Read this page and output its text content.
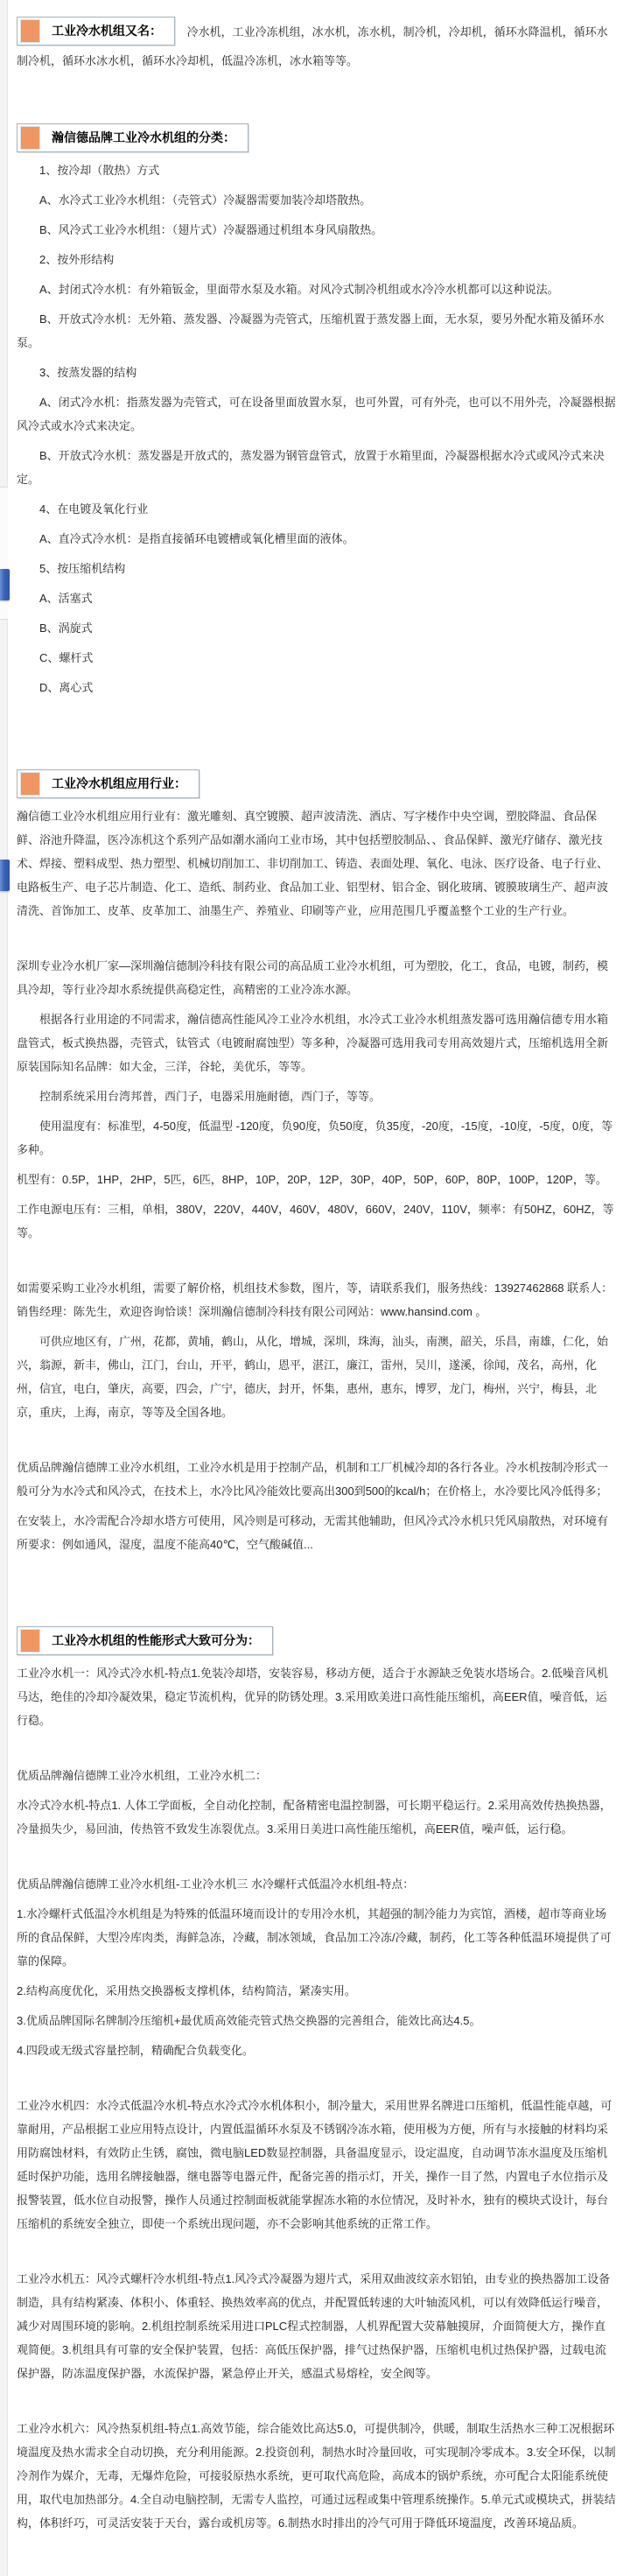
工业冷水机组又名： 冷水机，工业冷冻机组，冰水机，冻水机，制冷机，冷却机，循环水降温机，循环水制冷机，循环水冰水机，循环水冷却机，低温冷冻机，冰水箱等等。

瀚信德品牌工业冷水机组的分类：

1、按冷却（散热）方式

A、水冷式工业冷水机组：（壳管式）冷凝器需要加装冷却塔散热。

B、风冷式工业冷水机组：（翅片式）冷凝器通过机组本身风扇散热。

2、按外形结构

A、封闭式冷水机：有外箱钣金，里面带水泵及水箱。对风冷式制冷机组或水冷冷水机都可以这种说法。

B、开放式冷水机：无外箱、蒸发器、冷凝器为壳管式，压缩机置于蒸发器上面，无水泵，要另外配水箱及循环水泵。

3、按蒸发器的结构

A、闭式冷水机：指蒸发器为壳管式，可在设备里面放置水泵，也可外置，可有外壳，也可以不用外壳，冷凝器根据风冷式或水冷式来决定。

B、开放式冷水机：蒸发器是开放式的，蒸发器为钢管盘管式，放置于水箱里面，冷凝器根据水冷式或风冷式来决定。

4、在电镀及氧化行业

A、直冷式冷水机：是指直接循环电镀槽或氧化槽里面的液体。

5、按压缩机结构

A、活塞式

B、涡旋式

C、螺杆式

D、离心式

工业冷水机组应用行业：

瀚信德工业冷水机组应用行业有：激光雕刻、真空镀膜、超声波清洗、酒店、写字楼作中央空调，塑胶降温、食品保鲜、浴池升降温，医冷冻机这个系列产品如潮水涌向工业市场，其中包括塑胶制品、、食品保鲜、激光疗储存、激光技术、焊接、塑料成型、热力塑型、机械切削加工、非切削加工、铸造、表面处理、氧化、电泳、医疗设备、电子行业、电路板生产、电子芯片制造、化工、造纸、制药业、食品加工业、铝型材、铝合金、钢化玻璃、镀膜玻璃生产、超声波清洗、首饰加工、皮革、皮革加工、油墨生产、养殖业、印刷等产业，应用范围几乎覆盖整个工业的生产行业。

深圳专业冷水机厂家—深圳瀚信德制冷科技有限公司的高品质工业冷水机组，可为塑胶，化工，食品，电镀，制药，模具冷却，等行业冷却水系统提供高稳定性，高精密的工业冷冻水源。

根据各行业用途的不同需求，瀚信德高性能风冷工业冷水机组，水冷式工业冷水机组蒸发器可选用瀚信德专用水箱盘管式，板式换热器，壳管式，钛管式（电镀耐腐蚀型）等多种，冷凝器可选用我司专用高效翅片式，压缩机选用全新原装国际知名品牌：如大金，三洋，谷轮，美优乐，等等。

控制系统采用台湾邦普，西门子，电器采用施耐德，西门子，等等。

使用温度有：标准型，4-50度，低温型 -120度，负90度，负50度，负35度，-20度，-15度，-10度，-5度，0度，等多种。

机型有：0.5P，1HP，2HP，5匹，6匹，8HP，10P，20P，12P，30P，40P，50P，60P，80P，100P，120P，等。

工作电源电压有：三相，单相，380V，220V，440V，460V，480V，660V，240V，110V，频率：有50HZ，60HZ，等等。

如需要采购工业冷水机组，需要了解价格，机组技术参数，图片，等，请联系我们，服务热线：13927462868 联系人：销售经理：陈先生，欢迎咨询恰谈！深圳瀚信德制冷科技有限公司网站：www.hansind.com 。

可供应地区有，广州，花都，黄埔，鹤山，从化，增城，深圳，珠海，汕头，南澳，韶关，乐昌，南雄，仁化，始兴，翁源，新丰，佛山，江门，台山，开平，鹤山，恩平，湛江，廉江，雷州，吴川，遂溪，徐闻，茂名，高州，化州，信宜，电白，肇庆，高要，四会，广宁，德庆，封开，怀集，惠州，惠东，博罗，龙门，梅州，兴宁，梅县，北京，重庆，上海，南京，等等及全国各地。

优质品牌瀚信德牌工业冷水机组，工业冷水机是用于控制产品，机制和工厂机械冷却的各行各业。冷水机按制冷形式一般可分为水冷式和风冷式，在技术上，水冷比风冷能效比要高出300到500的kcal/h；在价格上，水冷要比风冷低得多；

在安装上，水冷需配合冷却水塔方可使用，风冷则是可移动，无需其他辅助，但风冷式冷水机只凭风扇散热，对环境有所要求：例如通风，湿度，温度不能高40℃，空气酸碱值...

工业冷水机组的性能形式大致可分为：

工业冷水机一：风冷式冷水机-特点1.免装冷却塔，安装容易，移动方便，适合于水源缺乏免装水塔场合。2.低噪音风机马达，绝佳的冷却冷凝效果，稳定节流机构，优异的防锈处理。3.采用欧美进口高性能压缩机，高EER值，噪音低，运行稳。

优质品牌瀚信德牌工业冷水机组，工业冷水机二：

水冷式冷水机-特点1. 人体工学面板，全自动化控制，配备精密电温控制器，可长期平稳运行。2.采用高效传热换热器，冷量损失少，易回油，传热管不致发生冻裂优点。3.采用日美进口高性能压缩机，高EER值，噪声低，运行稳。

优质品牌瀚信德牌工业冷水机组-工业冷水机三 水冷螺杆式低温冷水机组-特点：

1.水冷螺杆式低温冷水机组是为特殊的低温环境而设计的专用冷水机，其超强的制冷能力为宾馆，酒楼，超市等商业场所的食品保鲜，大型冷库肉类，海鲜急冻，冷藏，制冰领域，食品加工冷冻/冷藏，制药，化工等各种低温环境提供了可靠的保障。

2.结构高度优化，采用热交换器板支撑机体，结构简洁，紧凑实用。

3.优质品牌国际名牌制冷压缩机+最优质高效能壳管式热交换器的完善组合，能效比高达4.5。

4.四段或无级式容量控制，精确配合负载变化。

工业冷水机四：水冷式低温冷水机-特点水冷式冷水机体积小，制冷量大，采用世界名牌进口压缩机，低温性能卓越，可靠耐用，产品根据工业应用特点设计，内置低温循环水泵及不锈钢冷冻水箱，使用极为方便，所有与水接触的材料均采用防腐蚀材料，有效防止生锈，腐蚀，微电脑LED数显控制器，具备温度显示，设定温度，自动调节冻水温度及压缩机延时保护功能，选用名牌接触器，继电器等电器元件，配备完善的指示灯，开关，操作一目了然，内置电子水位指示及报警装置，低水位自动报警，操作人员通过控制面板就能掌握冻水箱的水位情况，及时补水，独有的模块式设计，每台压缩机的系统安全独立，即使一个系统出现问题，亦不会影响其他系统的正常工作。

工业冷水机五：风冷式螺杆冷水机组-特点1.风冷式冷凝器为翅片式，采用双曲波纹亲水铝铂，由专业的换热器加工设备制造，具有结构紧凑、体积小、体重轻、换热效率高的优点，并配置低转速的大叶轴流风机，可以有效降低运行噪音，减少对周围环境的影响。2.机组控制系统采用进口PLC程式控制器，人机界配置大荧幕触摸屏，介面简便大方，操作直观简便。3.机组具有可靠的安全保护装置，包括：高低压保护器，排气过热保护器，压缩机电机过热保护器，过载电流保护器，防冻温度保护器，水流保护器，紧急停止开关，感温式易熔栓，安全阀等。

工业冷水机六：风冷热泵机组-特点1.高效节能，综合能效比高达5.0，可提供制冷，供暖，制取生活热水三种工况根据环境温度及热水需求全自动切换，充分利用能源。2.投资创利，制热水时冷量回收，可实现制冷零成本。3.安全环保，以制冷剂作为媒介，无毒，无爆炸危险，可接驳原热水系统，更可取代高危险，高成本的锅炉系统，亦可配合太阳能系统使用，取代电加热部分。4.全自动电脑控制，无需专人监控，可通过远程或集中管理系统操作。5.单元式或模块式，拼装结构，体积纤巧，可灵活安装于天台，露台或机房等。6.制热水时排出的冷气可用于降低环境温度，改善环境品质。
